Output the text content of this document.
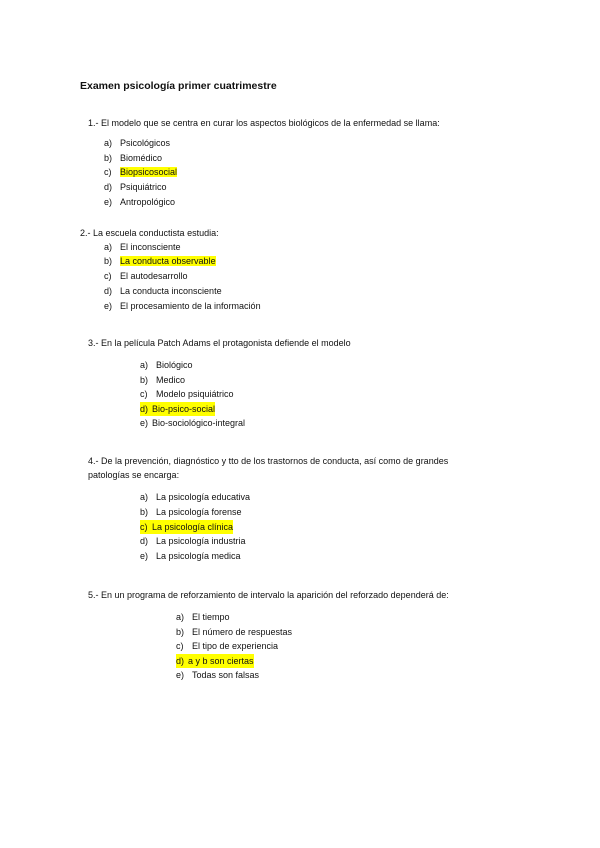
Examen psicología primer cuatrimestre
1.- El modelo que se centra en curar los aspectos biológicos de la enfermedad se llama:
a) Psicológicos
b) Biomédico
c) Biopsicosocial
d) Psiquiátrico
e) Antropológico
2.- La escuela conductista estudia:
a) El inconsciente
b) La conducta observable
c) El autodesarrollo
d) La conducta inconsciente
e) El procesamiento de la información
3.- En la película Patch Adams el protagonista defiende el modelo
a) Biológico
b) Medico
c) Modelo psiquiátrico
d) Bio-psico-social
e) Bio-sociológico-integral
4.- De la prevención, diagnóstico y tto de los trastornos de conducta, así como de grandes
patologías se encarga:
a) La psicología educativa
b) La psicología forense
c) La psicología clínica
d) La psicología industria
e) La psicología medica
5.- En un programa de reforzamiento de intervalo la aparición del reforzado dependerá de:
a) El tiempo
b) El número de respuestas
c) El tipo de experiencia
d) a y b son ciertas
e) Todas son falsas
